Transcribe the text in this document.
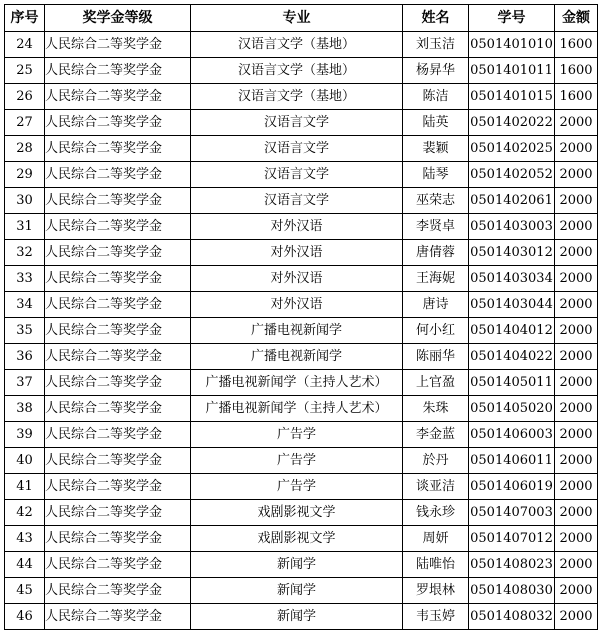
序号	奖学金等级	专业	姓名	学号	金额
24	人民综合二等奖学金	汉语言文学（基地）	刘玉洁	0501401010	1600
25	人民综合二等奖学金	汉语言文学（基地）	杨昇华	0501401011	1600
26	人民综合二等奖学金	汉语言文学（基地）	陈洁	0501401015	1600
27	人民综合二等奖学金	汉语言文学	陆英	0501402022	2000
28	人民综合二等奖学金	汉语言文学	裴颖	0501402025	2000
29	人民综合二等奖学金	汉语言文学	陆琴	0501402052	2000
30	人民综合二等奖学金	汉语言文学	巫荣志	0501402061	2000
31	人民综合二等奖学金	对外汉语	李贤卓	0501403003	2000
32	人民综合二等奖学金	对外汉语	唐倩蓉	0501403012	2000
33	人民综合二等奖学金	对外汉语	王海妮	0501403034	2000
34	人民综合二等奖学金	对外汉语	唐诗	0501403044	2000
35	人民综合二等奖学金	广播电视新闻学	何小红	0501404012	2000
36	人民综合二等奖学金	广播电视新闻学	陈丽华	0501404022	2000
37	人民综合二等奖学金	广播电视新闻学（主持人艺术）	上官盈	0501405011	2000
38	人民综合二等奖学金	广播电视新闻学（主持人艺术）	朱珠	0501405020	2000
39	人民综合二等奖学金	广告学	李金蓝	0501406003	2000
40	人民综合二等奖学金	广告学	於丹	0501406011	2000
41	人民综合二等奖学金	广告学	谈亚洁	0501406019	2000
42	人民综合二等奖学金	戏剧影视文学	钱永珍	0501407003	2000
43	人民综合二等奖学金	戏剧影视文学	周妍	0501407012	2000
44	人民综合二等奖学金	新闻学	陆唯怡	0501408023	2000
45	人民综合二等奖学金	新闻学	罗垠林	0501408030	2000
46	人民综合二等奖学金	新闻学	韦玉婷	0501408032	2000
